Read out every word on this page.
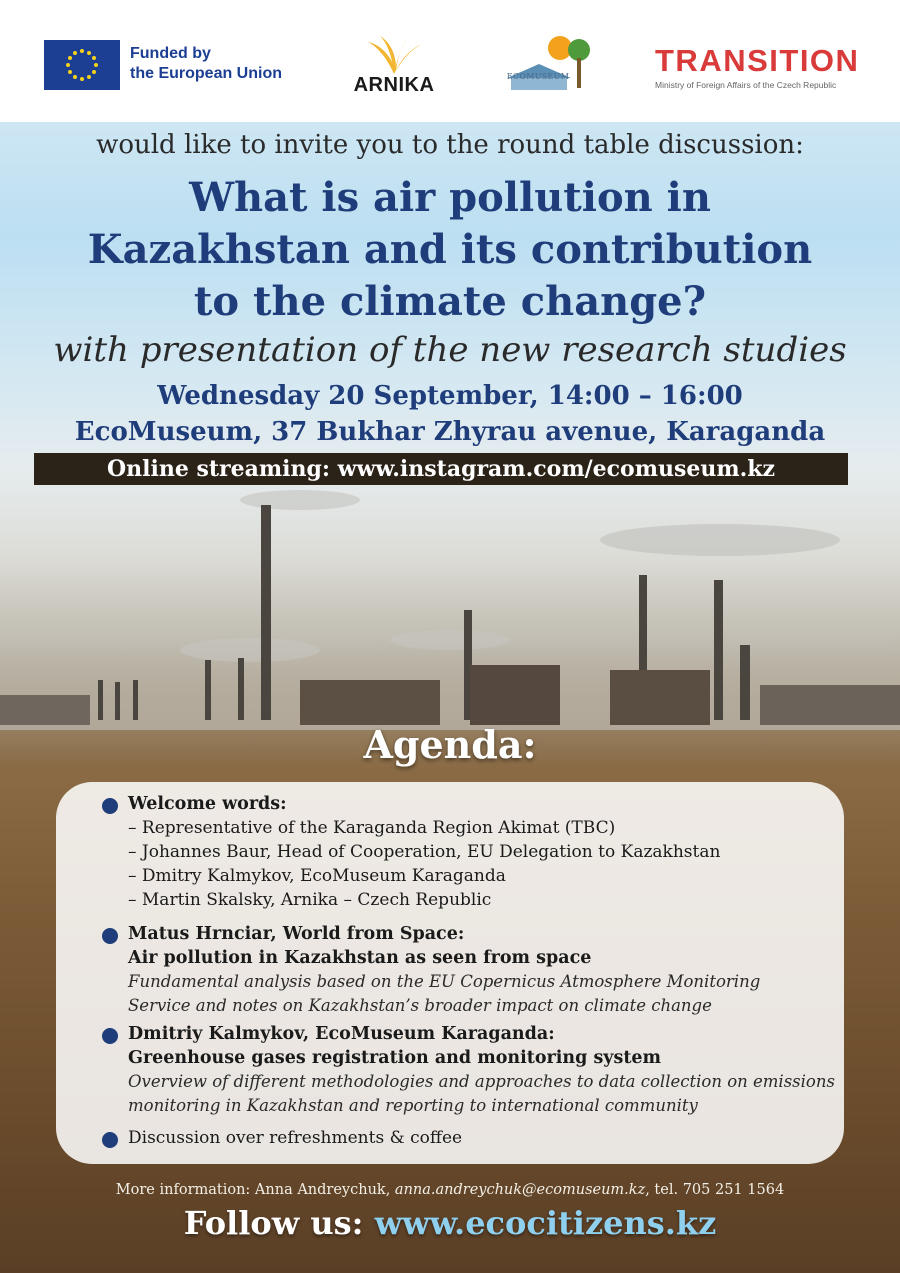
Funded by
the European Union
ARNIKA	ECOMUSEUM	TRANSITION
Ministry of Foreign Affairs of the Czech Republic
would like to invite you to the round table discussion:
What is air pollution in
Kazakhstan and its contribution
to the climate change?
with presentation of the new research studies
Wednesday 20 September, 14:00 – 16:00
EcoMuseum, 37 Bukhar Zhyrau avenue, Karaganda
Online streaming: www.instagram.com/ecomuseum.kz
Agenda:
Welcome words:
– Representative of the Karaganda Region Akimat (TBC)
– Johannes Baur, Head of Cooperation, EU Delegation to Kazakhstan
– Dmitry Kalmykov, EcoMuseum Karaganda
– Martin Skalsky, Arnika – Czech Republic
Matus Hrnciar, World from Space:
Air pollution in Kazakhstan as seen from space
Fundamental analysis based on the EU Copernicus Atmosphere Monitoring
Service and notes on Kazakhstan’s broader impact on climate change
Dmitriy Kalmykov, EcoMuseum Karaganda:
Greenhouse gases registration and monitoring system
Overview of different methodologies and approaches to data collection on emissions
monitoring in Kazakhstan and reporting to international community
Discussion over refreshments & coffee
More information: Anna Andreychuk, anna.andreychuk@ecomuseum.kz, tel. 705 251 1564
Follow us: www.ecocitizens.kz
